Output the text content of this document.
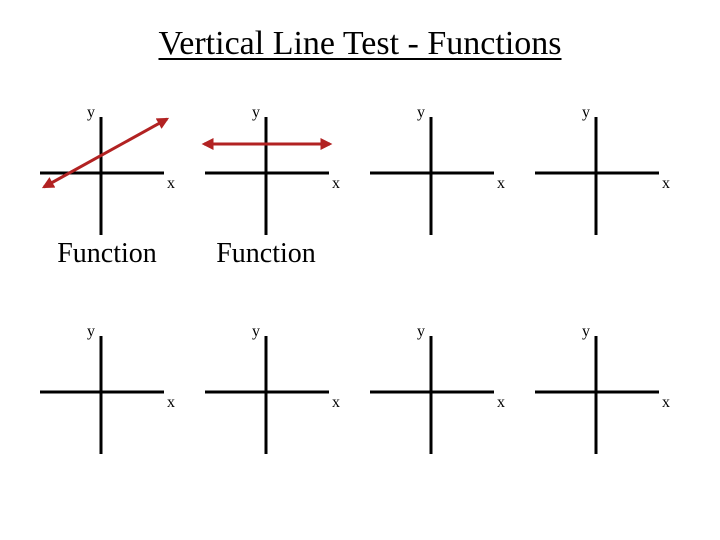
Vertical Line Test - Functions
y
x
Function
y
x
Function
y
x
y
x
y
x
y
x
y
x
y
x
